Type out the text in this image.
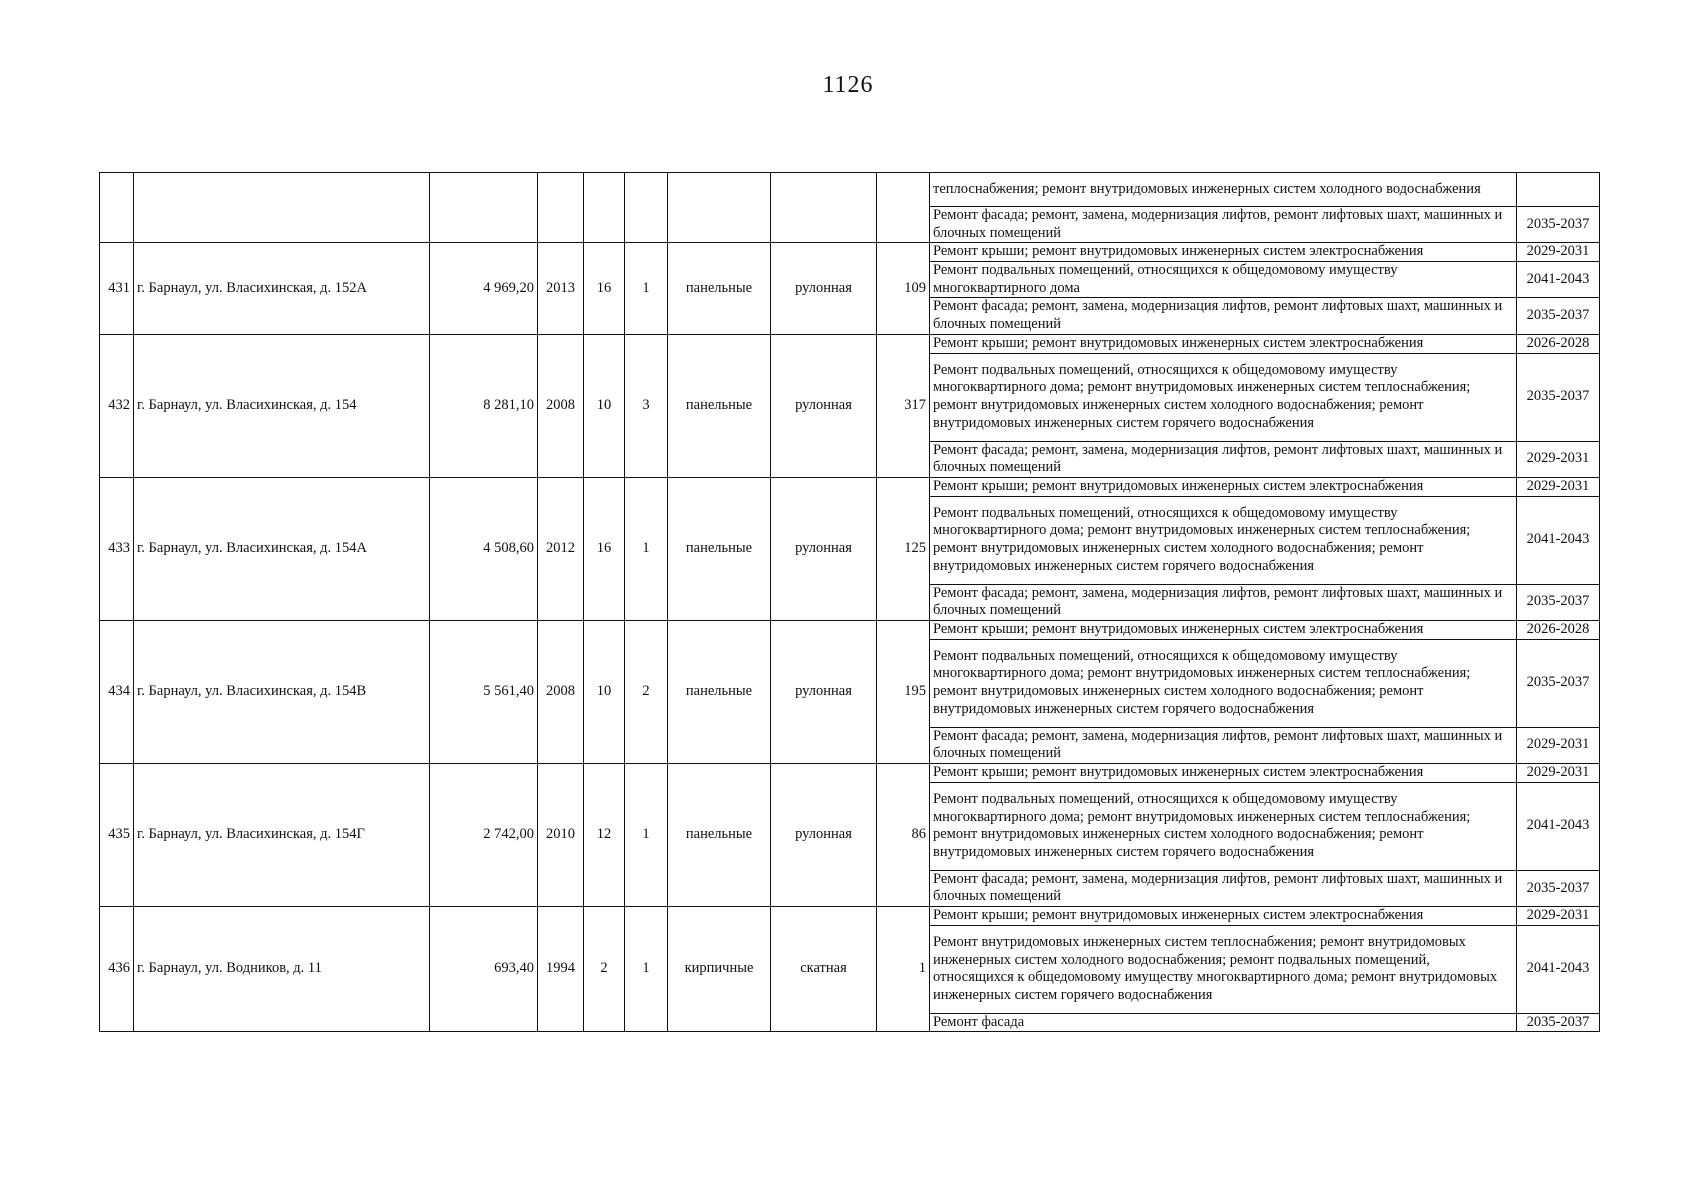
1126
									теплоснабжения; ремонт внутридомовых инженерных систем холодного водоснабжения	
									Ремонт фасада; ремонт, замена, модернизация лифтов, ремонт лифтовых шахт, машинных и блочных помещений	2035-2037
431	г. Барнаул, ул. Власихинская, д. 152А	4 969,20	2013	16	1	панельные	рулонная	109	Ремонт крыши; ремонт внутридомовых инженерных систем электроснабжения	2029-2031
									Ремонт подвальных помещений, относящихся к общедомовому имуществу многоквартирного дома	2041-2043
									Ремонт фасада; ремонт, замена, модернизация лифтов, ремонт лифтовых шахт, машинных и блочных помещений	2035-2037
432	г. Барнаул, ул. Власихинская, д. 154	8 281,10	2008	10	3	панельные	рулонная	317	Ремонт крыши; ремонт внутридомовых инженерных систем электроснабжения	2026-2028
									Ремонт подвальных помещений, относящихся к общедомовому имуществу многоквартирного дома; ремонт внутридомовых инженерных систем теплоснабжения; ремонт внутридомовых инженерных систем холодного водоснабжения; ремонт внутридомовых инженерных систем горячего водоснабжения	2035-2037
									Ремонт фасада; ремонт, замена, модернизация лифтов, ремонт лифтовых шахт, машинных и блочных помещений	2029-2031
433	г. Барнаул, ул. Власихинская, д. 154А	4 508,60	2012	16	1	панельные	рулонная	125	Ремонт крыши; ремонт внутридомовых инженерных систем электроснабжения	2029-2031
									Ремонт подвальных помещений, относящихся к общедомовому имуществу многоквартирного дома; ремонт внутридомовых инженерных систем теплоснабжения; ремонт внутридомовых инженерных систем холодного водоснабжения; ремонт внутридомовых инженерных систем горячего водоснабжения	2041-2043
									Ремонт фасада; ремонт, замена, модернизация лифтов, ремонт лифтовых шахт, машинных и блочных помещений	2035-2037
434	г. Барнаул, ул. Власихинская, д. 154В	5 561,40	2008	10	2	панельные	рулонная	195	Ремонт крыши; ремонт внутридомовых инженерных систем электроснабжения	2026-2028
									Ремонт подвальных помещений, относящихся к общедомовому имуществу многоквартирного дома; ремонт внутридомовых инженерных систем теплоснабжения; ремонт внутридомовых инженерных систем холодного водоснабжения; ремонт внутридомовых инженерных систем горячего водоснабжения	2035-2037
									Ремонт фасада; ремонт, замена, модернизация лифтов, ремонт лифтовых шахт, машинных и блочных помещений	2029-2031
435	г. Барнаул, ул. Власихинская, д. 154Г	2 742,00	2010	12	1	панельные	рулонная	86	Ремонт крыши; ремонт внутридомовых инженерных систем электроснабжения	2029-2031
									Ремонт подвальных помещений, относящихся к общедомовому имуществу многоквартирного дома; ремонт внутридомовых инженерных систем теплоснабжения; ремонт внутридомовых инженерных систем холодного водоснабжения; ремонт внутридомовых инженерных систем горячего водоснабжения	2041-2043
									Ремонт фасада; ремонт, замена, модернизация лифтов, ремонт лифтовых шахт, машинных и блочных помещений	2035-2037
436	г. Барнаул, ул. Водников, д. 11	693,40	1994	2	1	кирпичные	скатная	1	Ремонт крыши; ремонт внутридомовых инженерных систем электроснабжения	2029-2031
									Ремонт внутридомовых инженерных систем теплоснабжения; ремонт внутридомовых инженерных систем холодного водоснабжения; ремонт подвальных помещений, относящихся к общедомовому имуществу многоквартирного дома; ремонт внутридомовых инженерных систем горячего водоснабжения	2041-2043
									Ремонт фасада	2035-2037
